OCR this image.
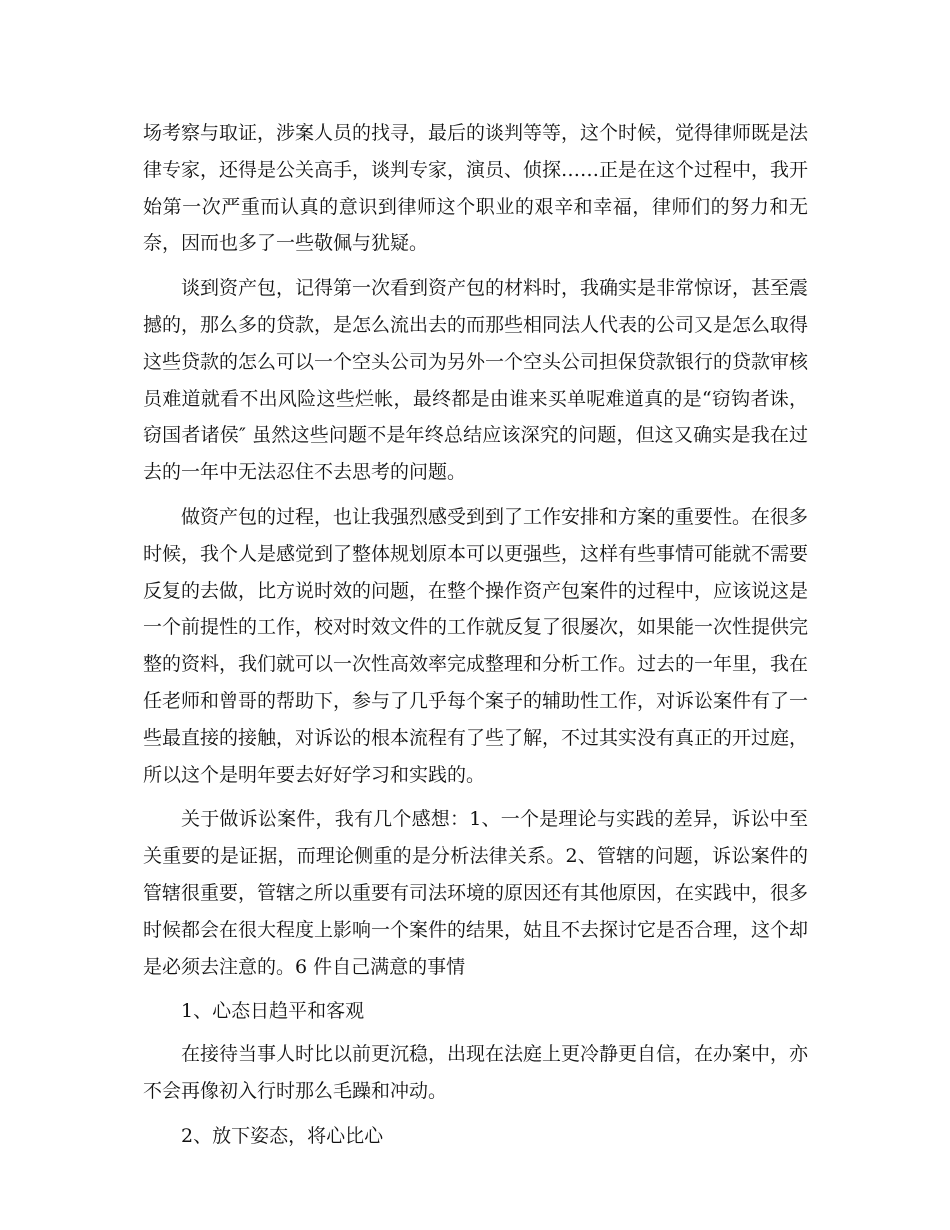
场考察与取证，涉案人员的找寻，最后的谈判等等，这个时候，觉得律师既是法律专家，还得是公关高手，谈判专家，演员、侦探……正是在这个过程中，我开始第一次严重而认真的意识到律师这个职业的艰辛和幸福，律师们的努力和无奈，因而也多了一些敬佩与犹疑。

谈到资产包，记得第一次看到资产包的材料时，我确实是非常惊讶，甚至震撼的，那么多的贷款，是怎么流出去的而那些相同法人代表的公司又是怎么取得这些贷款的怎么可以一个空头公司为另外一个空头公司担保贷款银行的贷款审核员难道就看不出风险这些烂帐，最终都是由谁来买单呢难道真的是“窃钩者诛，窃国者诸侯″ 虽然这些问题不是年终总结应该深究的问题，但这又确实是我在过去的一年中无法忍住不去思考的问题。

做资产包的过程，也让我强烈感受到到了工作安排和方案的重要性。在很多时候，我个人是感觉到了整体规划原本可以更强些，这样有些事情可能就不需要反复的去做，比方说时效的问题，在整个操作资产包案件的过程中，应该说这是一个前提性的工作，校对时效文件的工作就反复了很屡次，如果能一次性提供完整的资料，我们就可以一次性高效率完成整理和分析工作。过去的一年里，我在任老师和曾哥的帮助下，参与了几乎每个案子的辅助性工作，对诉讼案件有了一些最直接的接触，对诉讼的根本流程有了些了解，不过其实没有真正的开过庭，所以这个是明年要去好好学习和实践的。

关于做诉讼案件，我有几个感想：1、一个是理论与实践的差异，诉讼中至关重要的是证据，而理论侧重的是分析法律关系。2、管辖的问题，诉讼案件的管辖很重要，管辖之所以重要有司法环境的原因还有其他原因，在实践中，很多时候都会在很大程度上影响一个案件的结果，姑且不去探讨它是否合理，这个却是必须去注意的。6 件自己满意的事情

1、心态日趋平和客观

在接待当事人时比以前更沉稳，出现在法庭上更冷静更自信，在办案中，亦不会再像初入行时那么毛躁和冲动。

2、放下姿态，将心比心
